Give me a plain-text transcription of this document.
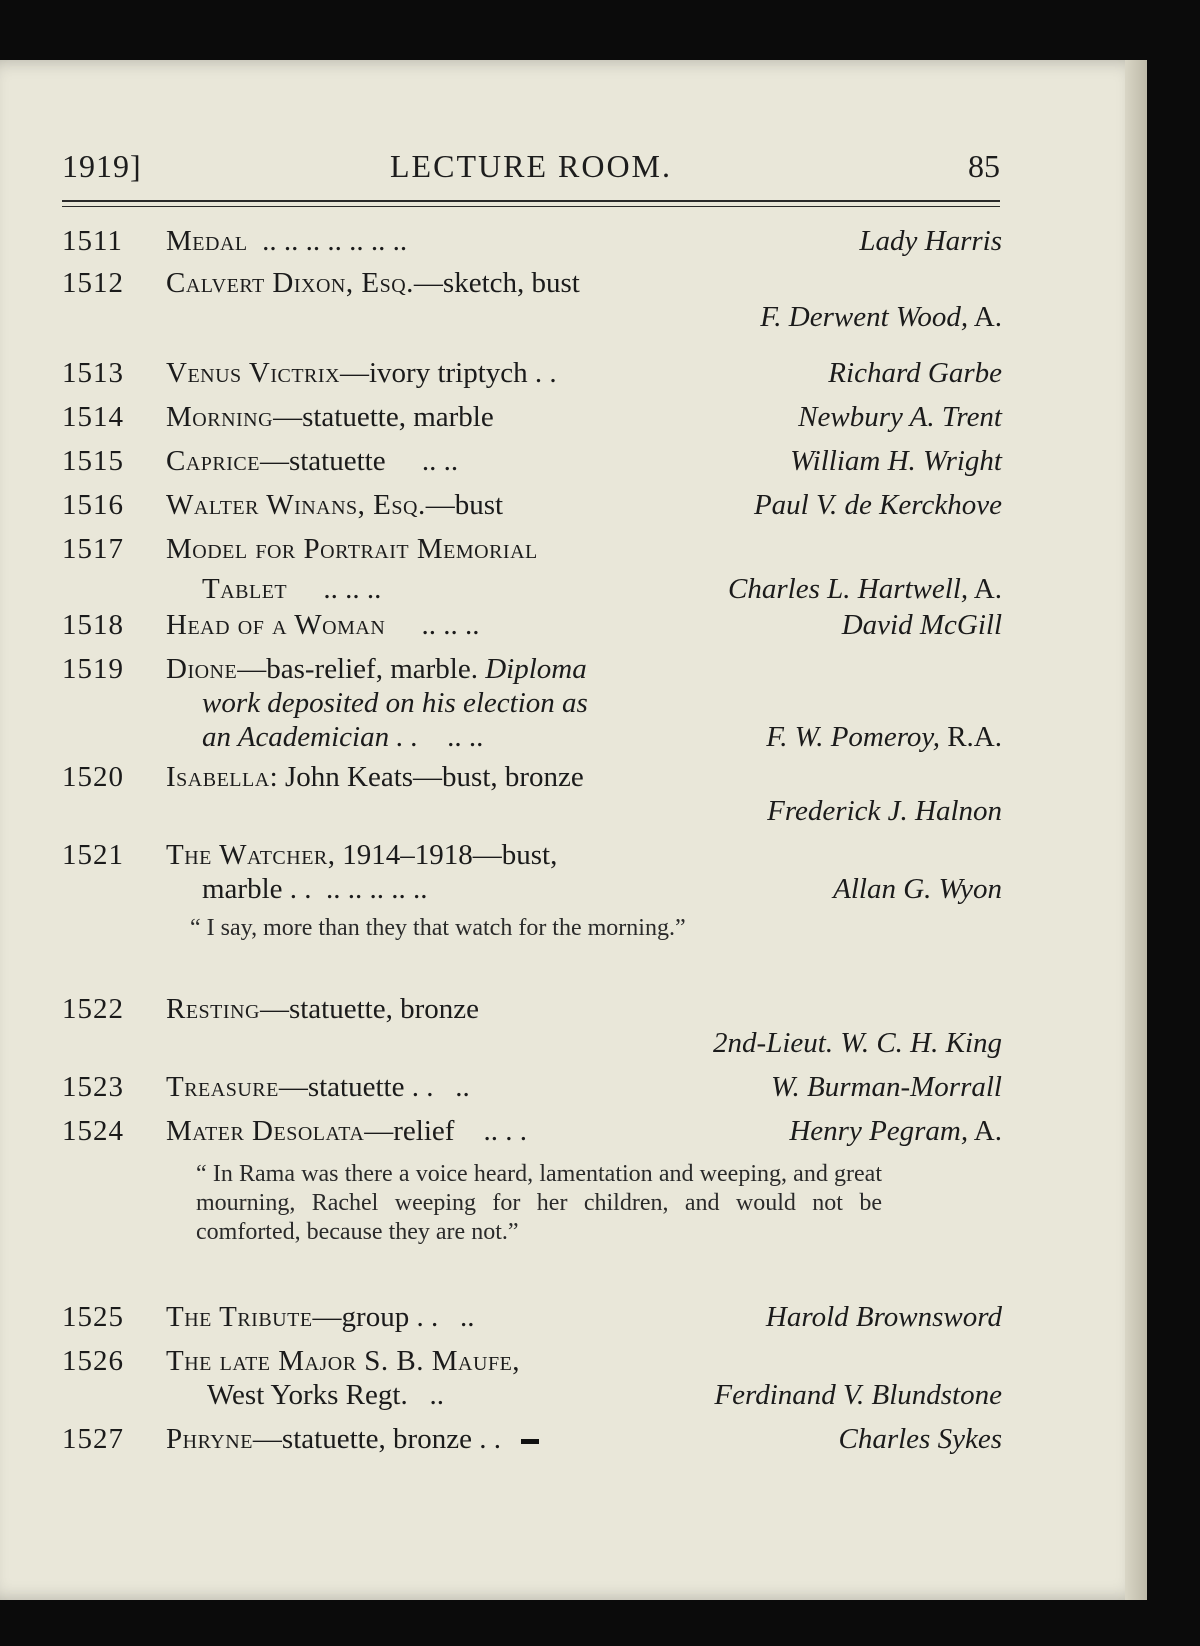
1919]	LECTURE ROOM.	85
1511	Medal .. .. .. .. .. .. ..	Lady Harris
1512	Calvert Dixon, Esq.—sketch, bust
F. Derwent Wood, A.
1513	Venus Victrix—ivory triptych . .	Richard Garbe
1514	Morning—statuette, marble	Newbury A. Trent
1515	Caprice—statuette .. ..	William H. Wright
1516	Walter Winans, Esq.—bust	Paul V. de Kerckhove
1517	Model for Portrait Memorial
Tablet .. .. ..	Charles L. Hartwell, A.
1518	Head of a Woman .. .. ..	David McGill
1519	Dione—bas-relief, marble. Diploma
work deposited on his election as
an Academician . . .. ..	F. W. Pomeroy, R.A.
1520	Isabella: John Keats—bust, bronze
Frederick J. Halnon
1521	The Watcher, 1914–1918—bust,
marble . . .. .. .. .. ..	Allan G. Wyon
“ I say, more than they that watch for the morning.”
1522	Resting—statuette, bronze
2nd-Lieut. W. C. H. King
1523	Treasure—statuette . . ..	W. Burman-Morrall
1524	Mater Desolata—relief .. . .	Henry Pegram, A.
“ In Rama was there a voice heard, lamentation and weeping, and great mourning, Rachel weeping for her children, and would not be comforted, because they are not.”
1525	The Tribute—group . . ..	Harold Brownsword
1526	The late Major S. B. Maufe,
West Yorks Regt. ..	Ferdinand V. Blundstone
1527	Phryne—statuette, bronze . .	Charles Sykes
